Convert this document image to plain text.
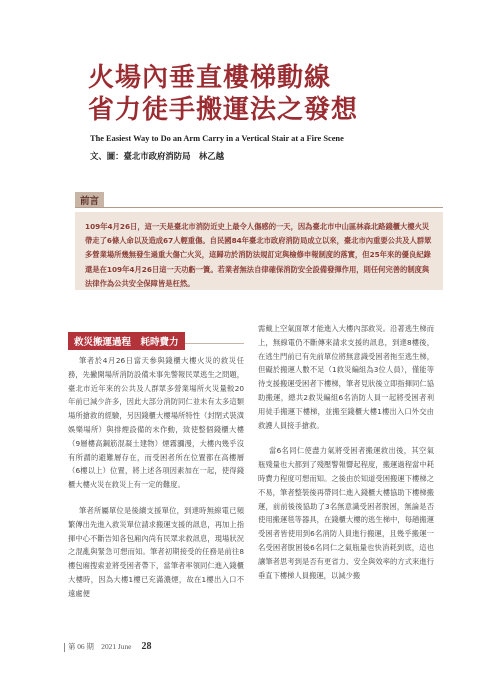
火場內垂直樓梯動線
省力徒手搬運法之發想
The Easiest Way to Do an Arm Carry in a Vertical Stair at a Fire Scene
文、圖：臺北市政府消防局　林乙越
前言

109年4月26日，這一天是臺北市消防近史上最令人傷感的一天，因為臺北市中山區林森北路錢櫃大樓火災帶走了6條人命以及造成67人輕重傷。自民國84年臺北市政府消防局成立以來，臺北市內重要公共及人群眾多營業場所幾無發生過重大傷亡火災，這歸功於消防法規訂定與檢修申報制度的落實，但25年來的優良紀錄還是在109年4月26日這一天功虧一簣。若業者無法自律確保消防安全設備發揮作用，則任何完善的制度與法律作為公共安全保障皆是枉然。

救災搬運過程　耗時費力

筆者於4月26日當天參與錢櫃大樓火災的救災任務，先撇開場所消防設備未事先警報民眾逃生之問題，臺北市近年來的公共及人群眾多營業場所火災量較20年前已減少許多，因此大部分消防同仁並未有太多這類場所搶救的經驗，另因錢櫃大樓場所特性（封閉式裝潢娛樂場所）與排煙設備的未作動，致使整個錢櫃大樓（9層樓高鋼筋混凝土建物）煙霧瀰漫，大樓內幾乎沒有所謂的避難層存在，而受困者所在位置都在高樓層（6樓以上）位置，將上述各項因素加在一起，使得錢櫃大樓火災在救災上有一定的難度。

筆者所屬單位是後續支援單位，到達時無線電已頻繁傳出先進入救災單位請求搬運支援的訊息，再加上指揮中心不斷告知各包廂內尚有民眾求救訊息，現場狀況之混亂與緊急可想而知。筆者初期接受的任務是前往8樓包廂搜索並將受困者帶下，當筆者率領同仁進入錢櫃大樓時，因為大樓1樓已充滿濃煙，故在1樓出入口不遠處便

需戴上空氣面罩才能進入大樓內部救災。沿著逃生梯而上，無線電仍不斷傳來請求支援的訊息，到達8樓後，在逃生門前已有先前單位將無意識受困者拖至逃生梯，但礙於搬運人數不足（1救災編組為3位人員），僅能等待支援搬運受困者下樓梯，筆者見狀後立即指揮同仁協助搬運，總共2救災編組6名消防人員一起將受困者利用徒手搬運下樓梯，並搬至錢櫃大樓1樓出入口外交由救護人員接手搶救。

當6名同仁使盡力氣將受困者搬運救出後，其空氣瓶殘量也大都到了殘壓警報響起程度，搬運過程當中耗時費力程度可想而知。之後由於知道受困搬運下樓梯之不易，筆者整裝後再帶同仁進入錢櫃大樓協助下樓梯搬運，前前後後協助了3名無意識受困者脫困，無論是否使用搬運毯等器具，在錢櫃大樓的逃生梯中，每趟搬運受困者皆使用到6名消防人員進行搬運，且幾乎搬運一名受困者脫困後6名同仁之氣瓶量也快消耗到底，這也讓筆者思考到是否有更省力、安全與效率的方式來進行垂直下樓梯人員搬運，以減少搬

第 06 期　2021 June 28
